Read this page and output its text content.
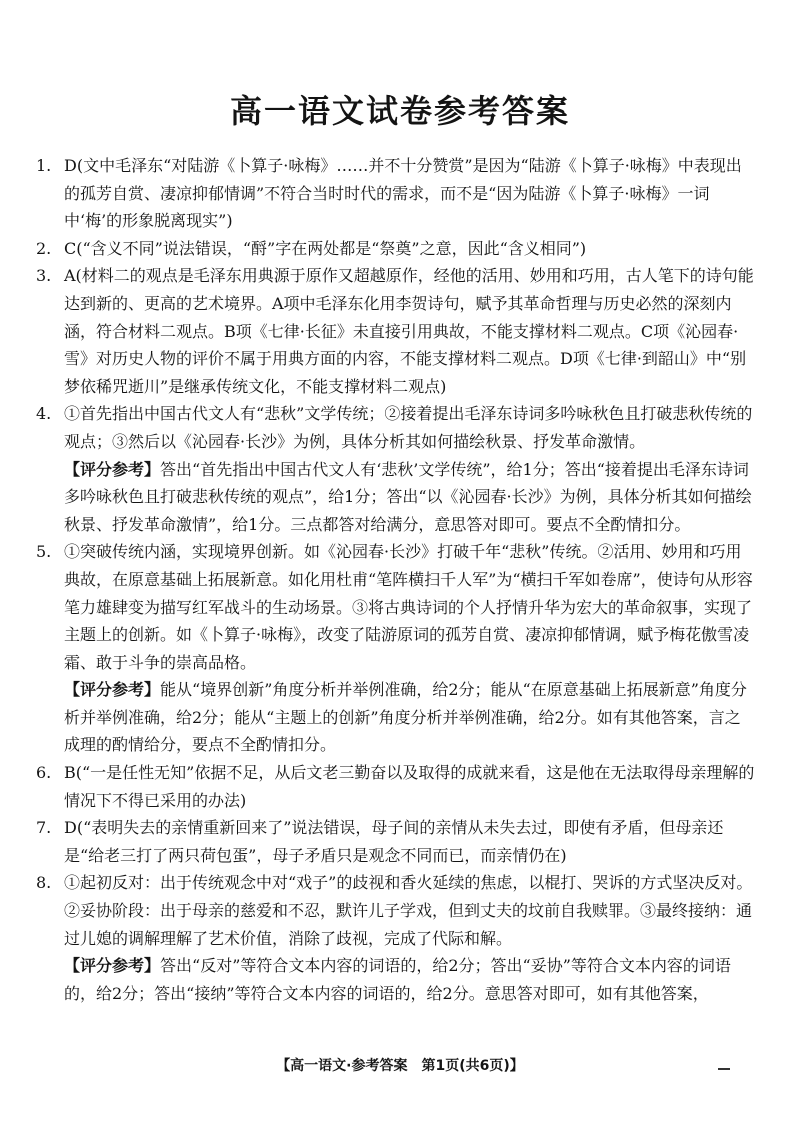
高一语文试卷参考答案
1. D(文中毛泽东“对陆游《卜算子·咏梅》……并不十分赞赏”是因为“陆游《卜算子·咏梅》中表现出的孤芳自赏、凄凉抑郁情调”不符合当时时代的需求，而不是“因为陆游《卜算子·咏梅》一词中‘梅’的形象脱离现实”)
2. C(“含义不同”说法错误，“酹”字在两处都是“祭奠”之意，因此“含义相同”)
3. A(材料二的观点是毛泽东用典源于原作又超越原作，经他的活用、妙用和巧用，古人笔下的诗句能达到新的、更高的艺术境界。A项中毛泽东化用李贺诗句，赋予其革命哲理与历史必然的深刻内涵，符合材料二观点。B项《七律·长征》未直接引用典故，不能支撑材料二观点。C项《沁园春·雪》对历史人物的评价不属于用典方面的内容，不能支撑材料二观点。D项《七律·到韶山》中“别梦依稀咒逝川”是继承传统文化，不能支撑材料二观点)
4. ①首先指出中国古代文人有“悲秋”文学传统；②接着提出毛泽东诗词多吟咏秋色且打破悲秋传统的观点；③然后以《沁园春·长沙》为例，具体分析其如何描绘秋景、抒发革命激情。

【评分参考】答出“首先指出中国古代文人有‘悲秋’文学传统”，给1分；答出“接着提出毛泽东诗词多吟咏秋色且打破悲秋传统的观点”，给1分；答出“以《沁园春·长沙》为例，具体分析其如何描绘秋景、抒发革命激情”，给1分。三点都答对给满分，意思答对即可。要点不全酌情扣分。

5. ①突破传统内涵，实现境界创新。如《沁园春·长沙》打破千年“悲秋”传统。②活用、妙用和巧用典故，在原意基础上拓展新意。如化用杜甫“笔阵横扫千人军”为“横扫千军如卷席”，使诗句从形容笔力雄肆变为描写红军战斗的生动场景。③将古典诗词的个人抒情升华为宏大的革命叙事，实现了主题上的创新。如《卜算子·咏梅》，改变了陆游原词的孤芳自赏、凄凉抑郁情调，赋予梅花傲雪凌霜、敢于斗争的崇高品格。

【评分参考】能从“境界创新”角度分析并举例准确，给2分；能从“在原意基础上拓展新意”角度分析并举例准确，给2分；能从“主题上的创新”角度分析并举例准确，给2分。如有其他答案，言之成理的酌情给分，要点不全酌情扣分。

6. B(“一是任性无知”依据不足，从后文老三勤奋以及取得的成就来看，这是他在无法取得母亲理解的情况下不得已采用的办法)
7. D(“表明失去的亲情重新回来了”说法错误，母子间的亲情从未失去过，即使有矛盾，但母亲还是“给老三打了两只荷包蛋”，母子矛盾只是观念不同而已，而亲情仍在)
8. ①起初反对：出于传统观念中对“戏子”的歧视和香火延续的焦虑，以棍打、哭诉的方式坚决反对。②妥协阶段：出于母亲的慈爱和不忍，默许儿子学戏，但到丈夫的坟前自我赎罪。③最终接纳：通过儿媳的调解理解了艺术价值，消除了歧视，完成了代际和解。

【评分参考】答出“反对”等符合文本内容的词语的，给2分；答出“妥协”等符合文本内容的词语的，给2分；答出“接纳”等符合文本内容的词语的，给2分。意思答对即可，如有其他答案，

【高一语文·参考答案　第1页(共6页)】
